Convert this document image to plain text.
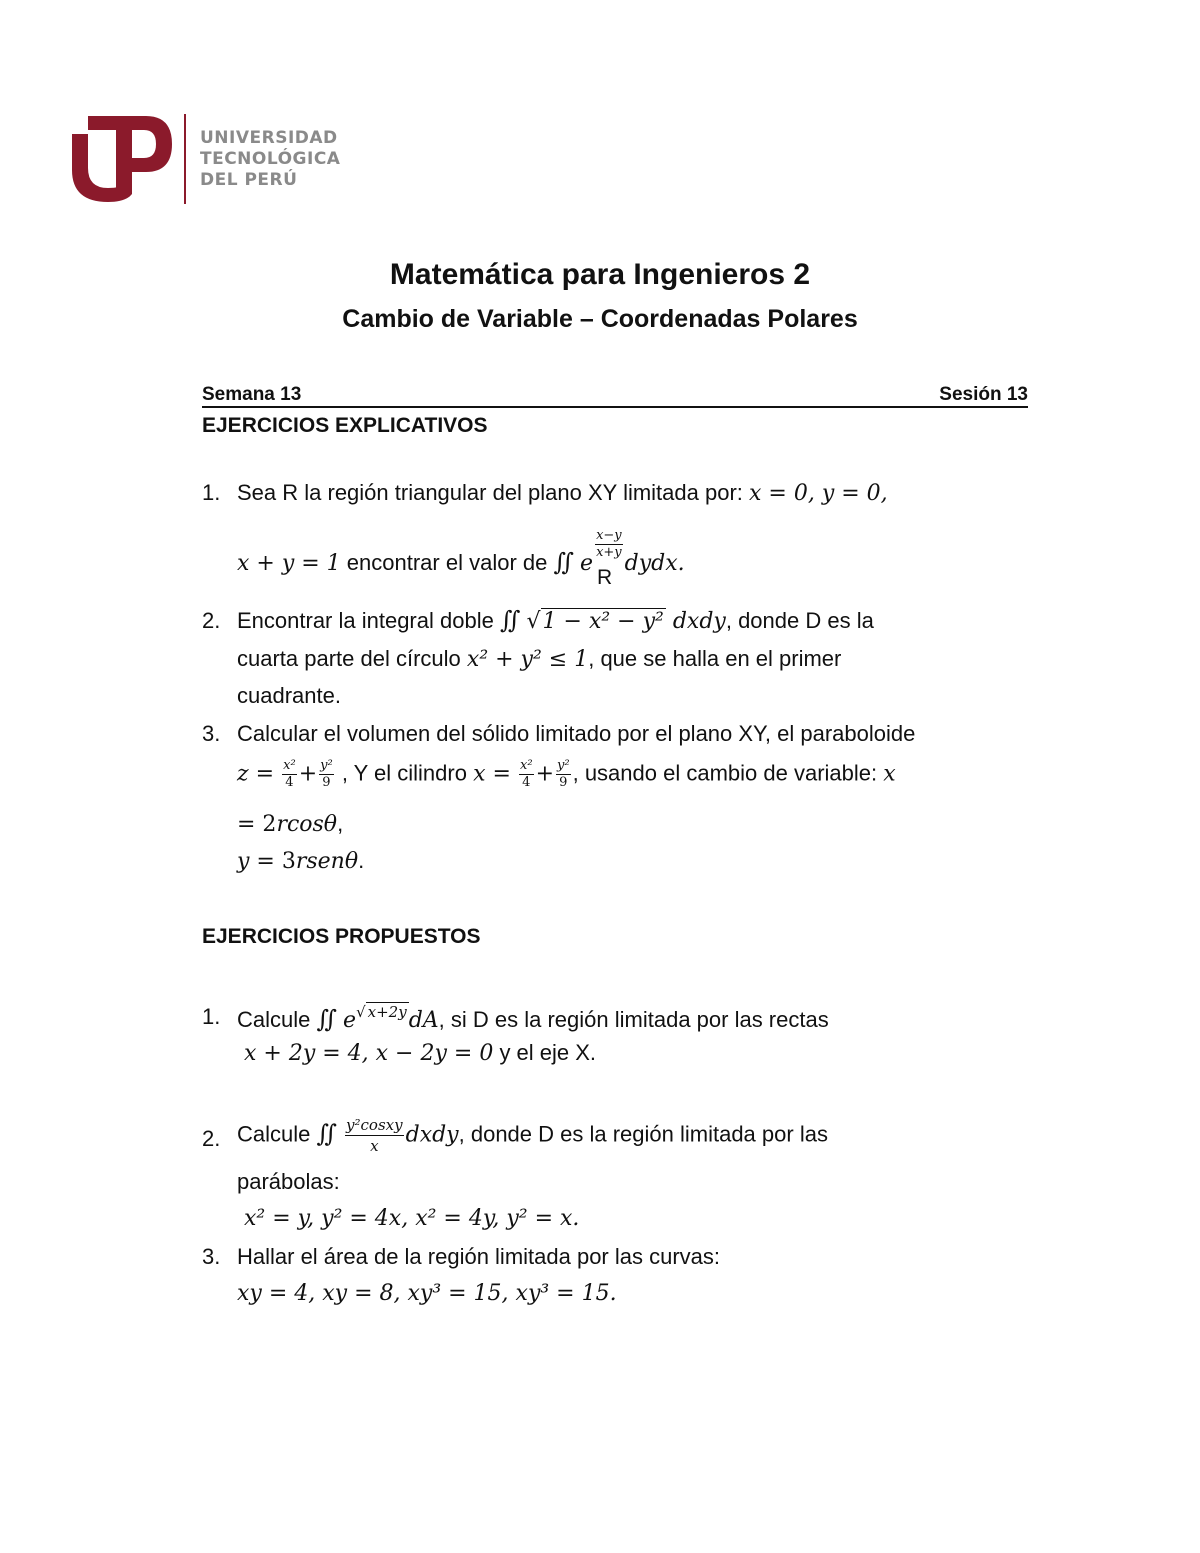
UNIVERSIDAD
TECNOLÓGICA
DEL PERÚ
Matemática para Ingenieros 2
Cambio de Variable – Coordenadas Polares
Semana 13	Sesión 13
EJERCICIOS EXPLICATIVOS
1. Sea R la región triangular del plano XY limitada por: x = 0, y = 0,
x + y = 1 encontrar el valor de ∬ e
$\frac{x-y}{x+y}$
dydx.
R
2. Encontrar la integral doble ∬ √1 − x² − y² dxdy, donde D es la
cuarta parte del círculo x² + y² ≤ 1, que se halla en el primer
cuadrante.
3. Calcular el volumen del sólido limitado por el plano XY, el paraboloide
$z = \frac{\text{x²}}{4} + \frac{\text{y²}}{9}$ , Y el cilindro $x = \frac{\text{x²}}{4} + \frac{\text{y²}}{9}$ , usando el cambio de variable: x
= 2rcosθ,
y = 3rsenθ.
EJERCICIOS PROPUESTOS
1. Calcule ∬ $e^{√ x+2y}dA$, si D es la región limitada por las rectas
x + 2y = 4, x − 2y = 0 y el eje X.
2. Calcule ∬ $\frac{\text{y²cosxy}}{x}$ dxdy, donde D es la región limitada por las
parábolas:
x² = y, y² = 4x, x² = 4y, y² = x.
3. Hallar el área de la región limitada por las curvas:
xy = 4, xy = 8, xy³ = 15, xy³ = 15.
